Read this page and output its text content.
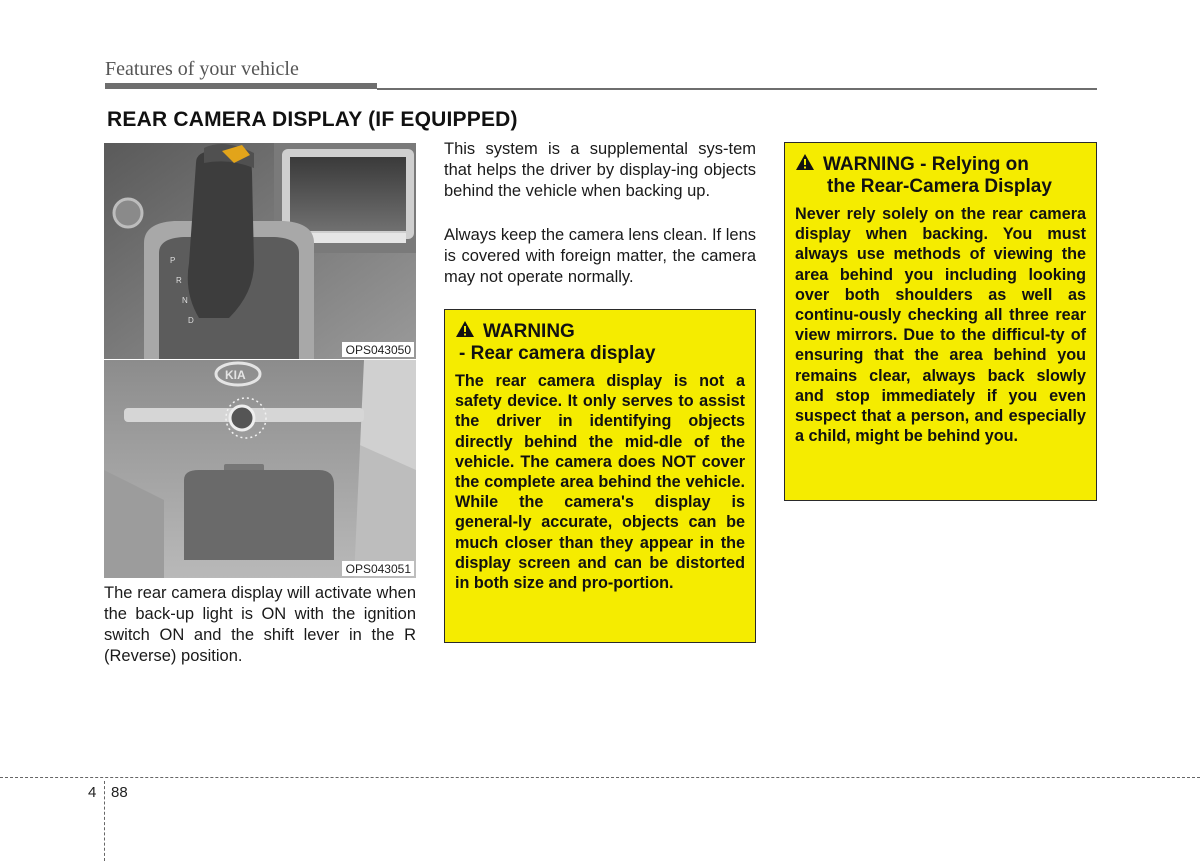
Features of your vehicle
REAR CAMERA DISPLAY (IF EQUIPPED)
P
R
N
D
OPS043050
KIA
OPS043051
The rear camera display will activate when the back-up light is ON with the ignition switch ON and the shift lever in the R (Reverse) position.
This system is a supplemental sys-tem that helps the driver by display-ing objects behind the vehicle when backing up.
Always keep the camera lens clean. If lens is covered with foreign matter, the camera may not operate normally.
WARNING
- Rear camera display
The rear camera display is not a safety device. It only serves to assist the driver in identifying objects directly behind the mid-dle of the vehicle. The camera does NOT cover the complete area behind the vehicle. While the camera's display is general-ly accurate, objects can be much closer than they appear in the display screen and can be distorted in both size and pro-portion.
WARNING - Relying on
the Rear-Camera Display
Never rely solely on the rear camera display when backing. You must always use methods of viewing the area behind you including looking over both shoulders as well as continu-ously checking all three rear view mirrors. Due to the difficul-ty of ensuring that the area behind you remains clear, always back slowly and stop immediately if you even suspect that a person, and especially a child, might be behind you.
4 88
